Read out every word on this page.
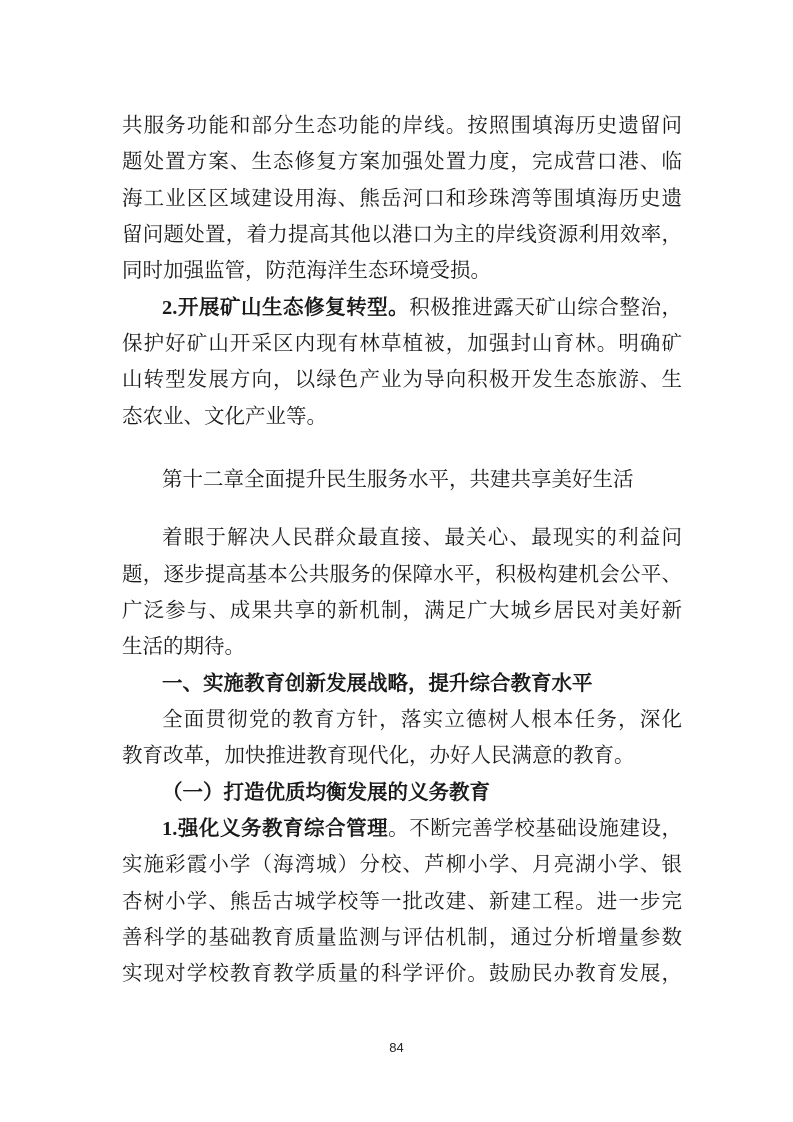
共服务功能和部分生态功能的岸线。按照围填海历史遗留问
题处置方案、生态修复方案加强处置力度，完成营口港、临
海工业区区域建设用海、熊岳河口和珍珠湾等围填海历史遗
留问题处置，着力提高其他以港口为主的岸线资源利用效率，
同时加强监管，防范海洋生态环境受损。
2.开展矿山生态修复转型。积极推进露天矿山综合整治，
保护好矿山开采区内现有林草植被，加强封山育林。明确矿
山转型发展方向，以绿色产业为导向积极开发生态旅游、生
态农业、文化产业等。
第十二章全面提升民生服务水平，共建共享美好生活
着眼于解决人民群众最直接、最关心、最现实的利益问
题，逐步提高基本公共服务的保障水平，积极构建机会公平、
广泛参与、成果共享的新机制，满足广大城乡居民对美好新
生活的期待。
一、实施教育创新发展战略，提升综合教育水平
全面贯彻党的教育方针，落实立德树人根本任务，深化
教育改革，加快推进教育现代化，办好人民满意的教育。
（一）打造优质均衡发展的义务教育
1.强化义务教育综合管理。不断完善学校基础设施建设，
实施彩霞小学（海湾城）分校、芦柳小学、月亮湖小学、银
杏树小学、熊岳古城学校等一批改建、新建工程。进一步完
善科学的基础教育质量监测与评估机制，通过分析增量参数
实现对学校教育教学质量的科学评价。鼓励民办教育发展，
84
